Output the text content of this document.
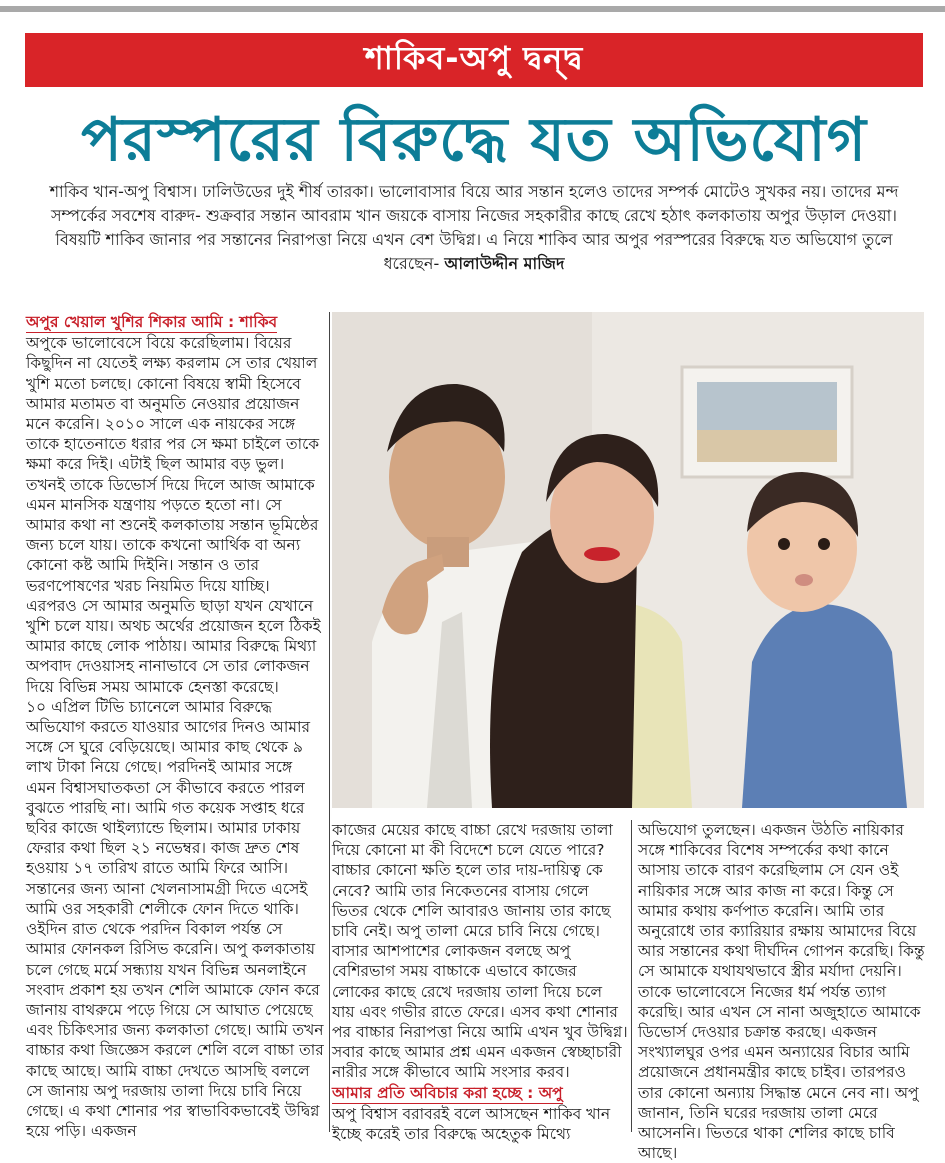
শাকিব-অপু দ্বন্দ্ব
পরস্পরের বিরুদ্ধে যত অভিযোগ
শাকিব খান-অপু বিশ্বাস। ঢালিউডের দুই শীর্ষ তারকা। ভালোবাসার বিয়ে আর সন্তান হলেও তাদের সম্পর্ক মোটেও সুখকর নয়। তাদের মন্দ সম্পর্কের সবশেষ বারুদ- শুক্রবার সন্তান আবরাম খান জয়কে বাসায় নিজের সহকারীর কাছে রেখে হঠাৎ কলকাতায় অপুর উড়াল দেওয়া। বিষয়টি শাকিব জানার পর সন্তানের নিরাপত্তা নিয়ে এখন বেশ উদ্বিগ্ন। এ নিয়ে শাকিব আর অপুর পরস্পরের বিরুদ্ধে যত অভিযোগ তুলে ধরেছেন- আলাউদ্দীন মাজিদ
অপুর খেয়াল খুশির শিকার আমি : শাকিব

অপুকে ভালোবেসে বিয়ে করেছিলাম। বিয়ের কিছুদিন না যেতেই লক্ষ্য করলাম সে তার খেয়াল খুশি মতো চলছে। কোনো বিষয়ে স্বামী হিসেবে আমার মতামত বা অনুমতি নেওয়ার প্রয়োজন মনে করেনি। ২০১০ সালে এক নায়কের সঙ্গে তাকে হাতেনাতে ধরার পর সে ক্ষমা চাইলে তাকে ক্ষমা করে দিই। এটাই ছিল আমার বড় ভুল। তখনই তাকে ডিভোর্স দিয়ে দিলে আজ আমাকে এমন মানসিক যন্ত্রণায় পড়তে হতো না। সে আমার কথা না শুনেই কলকাতায় সন্তান ভূমিষ্ঠের জন্য চলে যায়। তাকে কখনো আর্থিক বা অন্য কোনো কষ্ট আমি দিইনি। সন্তান ও তার ভরণপোষণের খরচ নিয়মিত দিয়ে যাচ্ছি। এরপরও সে আমার অনুমতি ছাড়া যখন যেখানে খুশি চলে যায়। অথচ অর্থের প্রয়োজন হলে ঠিকই আমার কাছে লোক পাঠায়। আমার বিরুদ্ধে মিথ্যা অপবাদ দেওয়াসহ নানাভাবে সে তার লোকজন দিয়ে বিভিন্ন সময় আমাকে হেনস্তা করেছে।

১০ এপ্রিল টিভি চ্যানেলে আমার বিরুদ্ধে অভিযোগ করতে যাওয়ার আগের দিনও আমার সঙ্গে সে ঘুরে বেড়িয়েছে। আমার কাছ থেকে ৯ লাখ টাকা নিয়ে গেছে। পরদিনই আমার সঙ্গে এমন বিশ্বাসঘাতকতা সে কীভাবে করতে পারল বুঝতে পারছি না। আমি গত কয়েক সপ্তাহ ধরে ছবির কাজে থাইল্যান্ডে ছিলাম। আমার ঢাকায় ফেরার কথা ছিল ২১ নভেম্বর। কাজ দ্রুত শেষ হওয়ায় ১৭ তারিখ রাতে আমি ফিরে আসি। সন্তানের জন্য আনা খেলনাসামগ্রী দিতে এসেই আমি ওর সহকারী শেলীকে ফোন দিতে থাকি। ওইদিন রাত থেকে পরদিন বিকাল পর্যন্ত সে আমার ফোনকল রিসিভ করেনি। অপু কলকাতায় চলে গেছে মর্মে সন্ধ্যায় যখন বিভিন্ন অনলাইনে সংবাদ প্রকাশ হয় তখন শেলি আমাকে ফোন করে জানায় বাথরুমে পড়ে গিয়ে সে আঘাত পেয়েছে এবং চিকিৎসার জন্য কলকাতা গেছে। আমি তখন বাচ্চার কথা জিজ্ঞেস করলে শেলি বলে বাচ্চা তার কাছে আছে। আমি বাচ্চা দেখতে আসছি বললে সে জানায় অপু দরজায় তালা দিয়ে চাবি নিয়ে গেছে। এ কথা শোনার পর স্বাভাবিকভাবেই উদ্বিগ্ন হয়ে পড়ি। একজন

কাজের মেয়ের কাছে বাচ্চা রেখে দরজায় তালা দিয়ে কোনো মা কী বিদেশে চলে যেতে পারে? বাচ্চার কোনো ক্ষতি হলে তার দায়-দায়িত্ব কে নেবে? আমি তার নিকেতনের বাসায় গেলে ভিতর থেকে শেলি আবারও জানায় তার কাছে চাবি নেই। অপু তালা মেরে চাবি নিয়ে গেছে। বাসার আশপাশের লোকজন বলছে অপু বেশিরভাগ সময় বাচ্চাকে এভাবে কাজের লোকের কাছে রেখে দরজায় তালা দিয়ে চলে যায় এবং গভীর রাতে ফেরে। এসব কথা শোনার পর বাচ্চার নিরাপত্তা নিয়ে আমি এখন খুব উদ্বিগ্ন। সবার কাছে আমার প্রশ্ন এমন একজন স্বেচ্ছাচারী নারীর সঙ্গে কীভাবে আমি সংসার করব।

আমার প্রতি অবিচার করা হচ্ছে : অপু

অপু বিশ্বাস বরাবরই বলে আসছেন শাকিব খান ইচ্ছে করেই তার বিরুদ্ধে অহেতুক মিথ্যে

অভিযোগ তুলছেন। একজন উঠতি নায়িকার সঙ্গে শাকিবের বিশেষ সম্পর্কের কথা কানে আসায় তাকে বারণ করেছিলাম সে যেন ওই নায়িকার সঙ্গে আর কাজ না করে। কিন্তু সে আমার কথায় কর্ণপাত করেনি। আমি তার অনুরোধে তার ক্যারিয়ার রক্ষায় আমাদের বিয়ে আর সন্তানের কথা দীর্ঘদিন গোপন করেছি। কিন্তু সে আমাকে যথাযথভাবে স্ত্রীর মর্যাদা দেয়নি। তাকে ভালোবেসে নিজের ধর্ম পর্যন্ত ত্যাগ করেছি। আর এখন সে নানা অজুহাতে আমাকে ডিভোর্স দেওয়ার চক্রান্ত করছে। একজন সংখ্যালঘুর ওপর এমন অন্যায়ের বিচার আমি প্রয়োজনে প্রধানমন্ত্রীর কাছে চাইব। তারপরও তার কোনো অন্যায় সিদ্ধান্ত মেনে নেব না। অপু জানান, তিনি ঘরের দরজায় তালা মেরে আসেননি। ভিতরে থাকা শেলির কাছে চাবি আছে।
